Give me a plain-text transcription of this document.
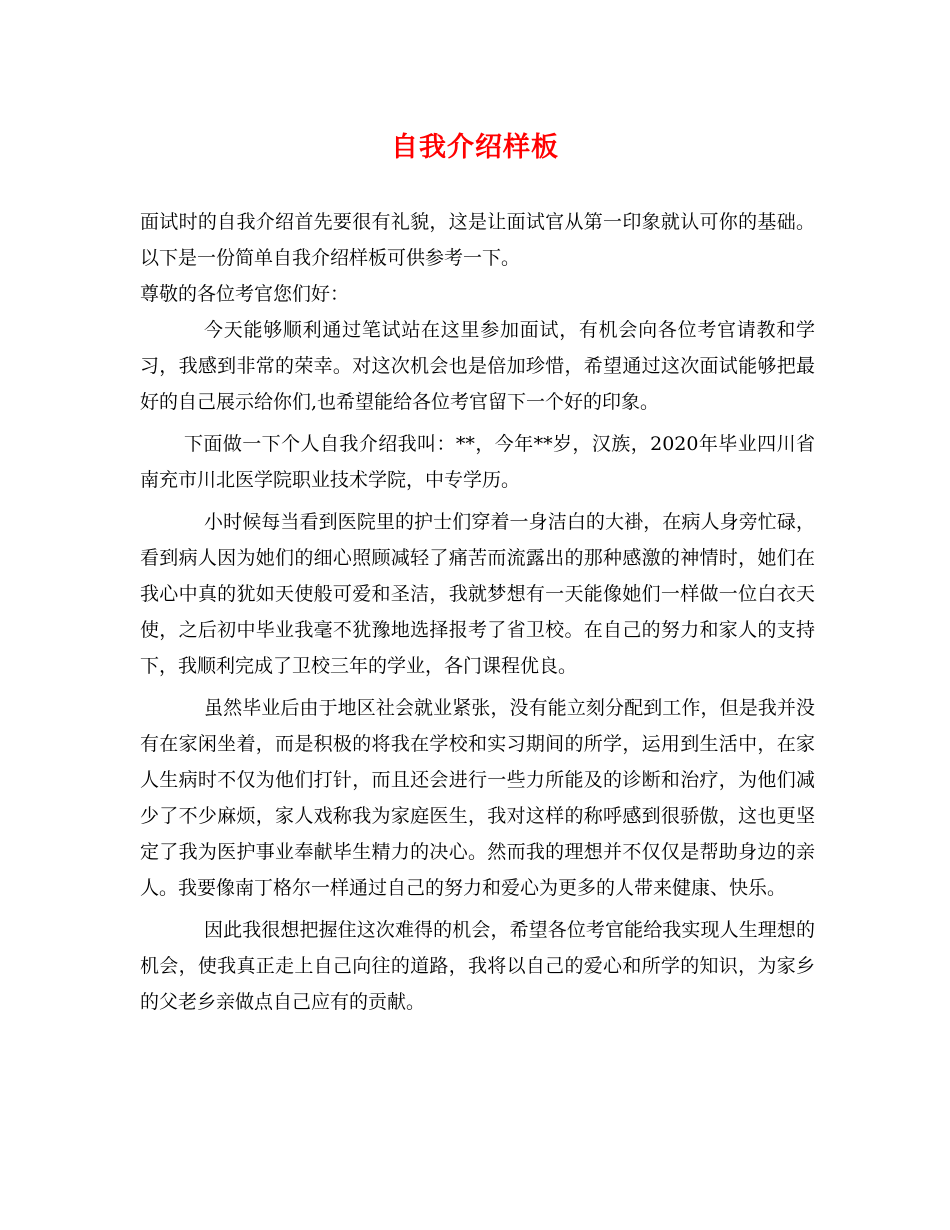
自我介绍样板

面试时的自我介绍首先要很有礼貌，这是让面试官从第一印象就认可你的基础。以下是一份简单自我介绍样板可供参考一下。

尊敬的各位考官您们好：

今天能够顺利通过笔试站在这里参加面试，有机会向各位考官请教和学习，我感到非常的荣幸。对这次机会也是倍加珍惜，希望通过这次面试能够把最好的自己展示给你们,也希望能给各位考官留下一个好的印象。

下面做一下个人自我介绍我叫：**，今年**岁，汉族，2020年毕业四川省南充市川北医学院职业技术学院，中专学历。

小时候每当看到医院里的护士们穿着一身洁白的大褂，在病人身旁忙碌，看到病人因为她们的细心照顾减轻了痛苦而流露出的那种感激的神情时，她们在我心中真的犹如天使般可爱和圣洁，我就梦想有一天能像她们一样做一位白衣天使，之后初中毕业我毫不犹豫地选择报考了省卫校。在自己的努力和家人的支持下，我顺利完成了卫校三年的学业，各门课程优良。

虽然毕业后由于地区社会就业紧张，没有能立刻分配到工作，但是我并没有在家闲坐着，而是积极的将我在学校和实习期间的所学，运用到生活中，在家人生病时不仅为他们打针，而且还会进行一些力所能及的诊断和治疗，为他们减少了不少麻烦，家人戏称我为家庭医生，我对这样的称呼感到很骄傲，这也更坚定了我为医护事业奉献毕生精力的决心。然而我的理想并不仅仅是帮助身边的亲人。我要像南丁格尔一样通过自己的努力和爱心为更多的人带来健康、快乐。

因此我很想把握住这次难得的机会，希望各位考官能给我实现人生理想的机会，使我真正走上自己向往的道路，我将以自己的爱心和所学的知识，为家乡的父老乡亲做点自己应有的贡献。
